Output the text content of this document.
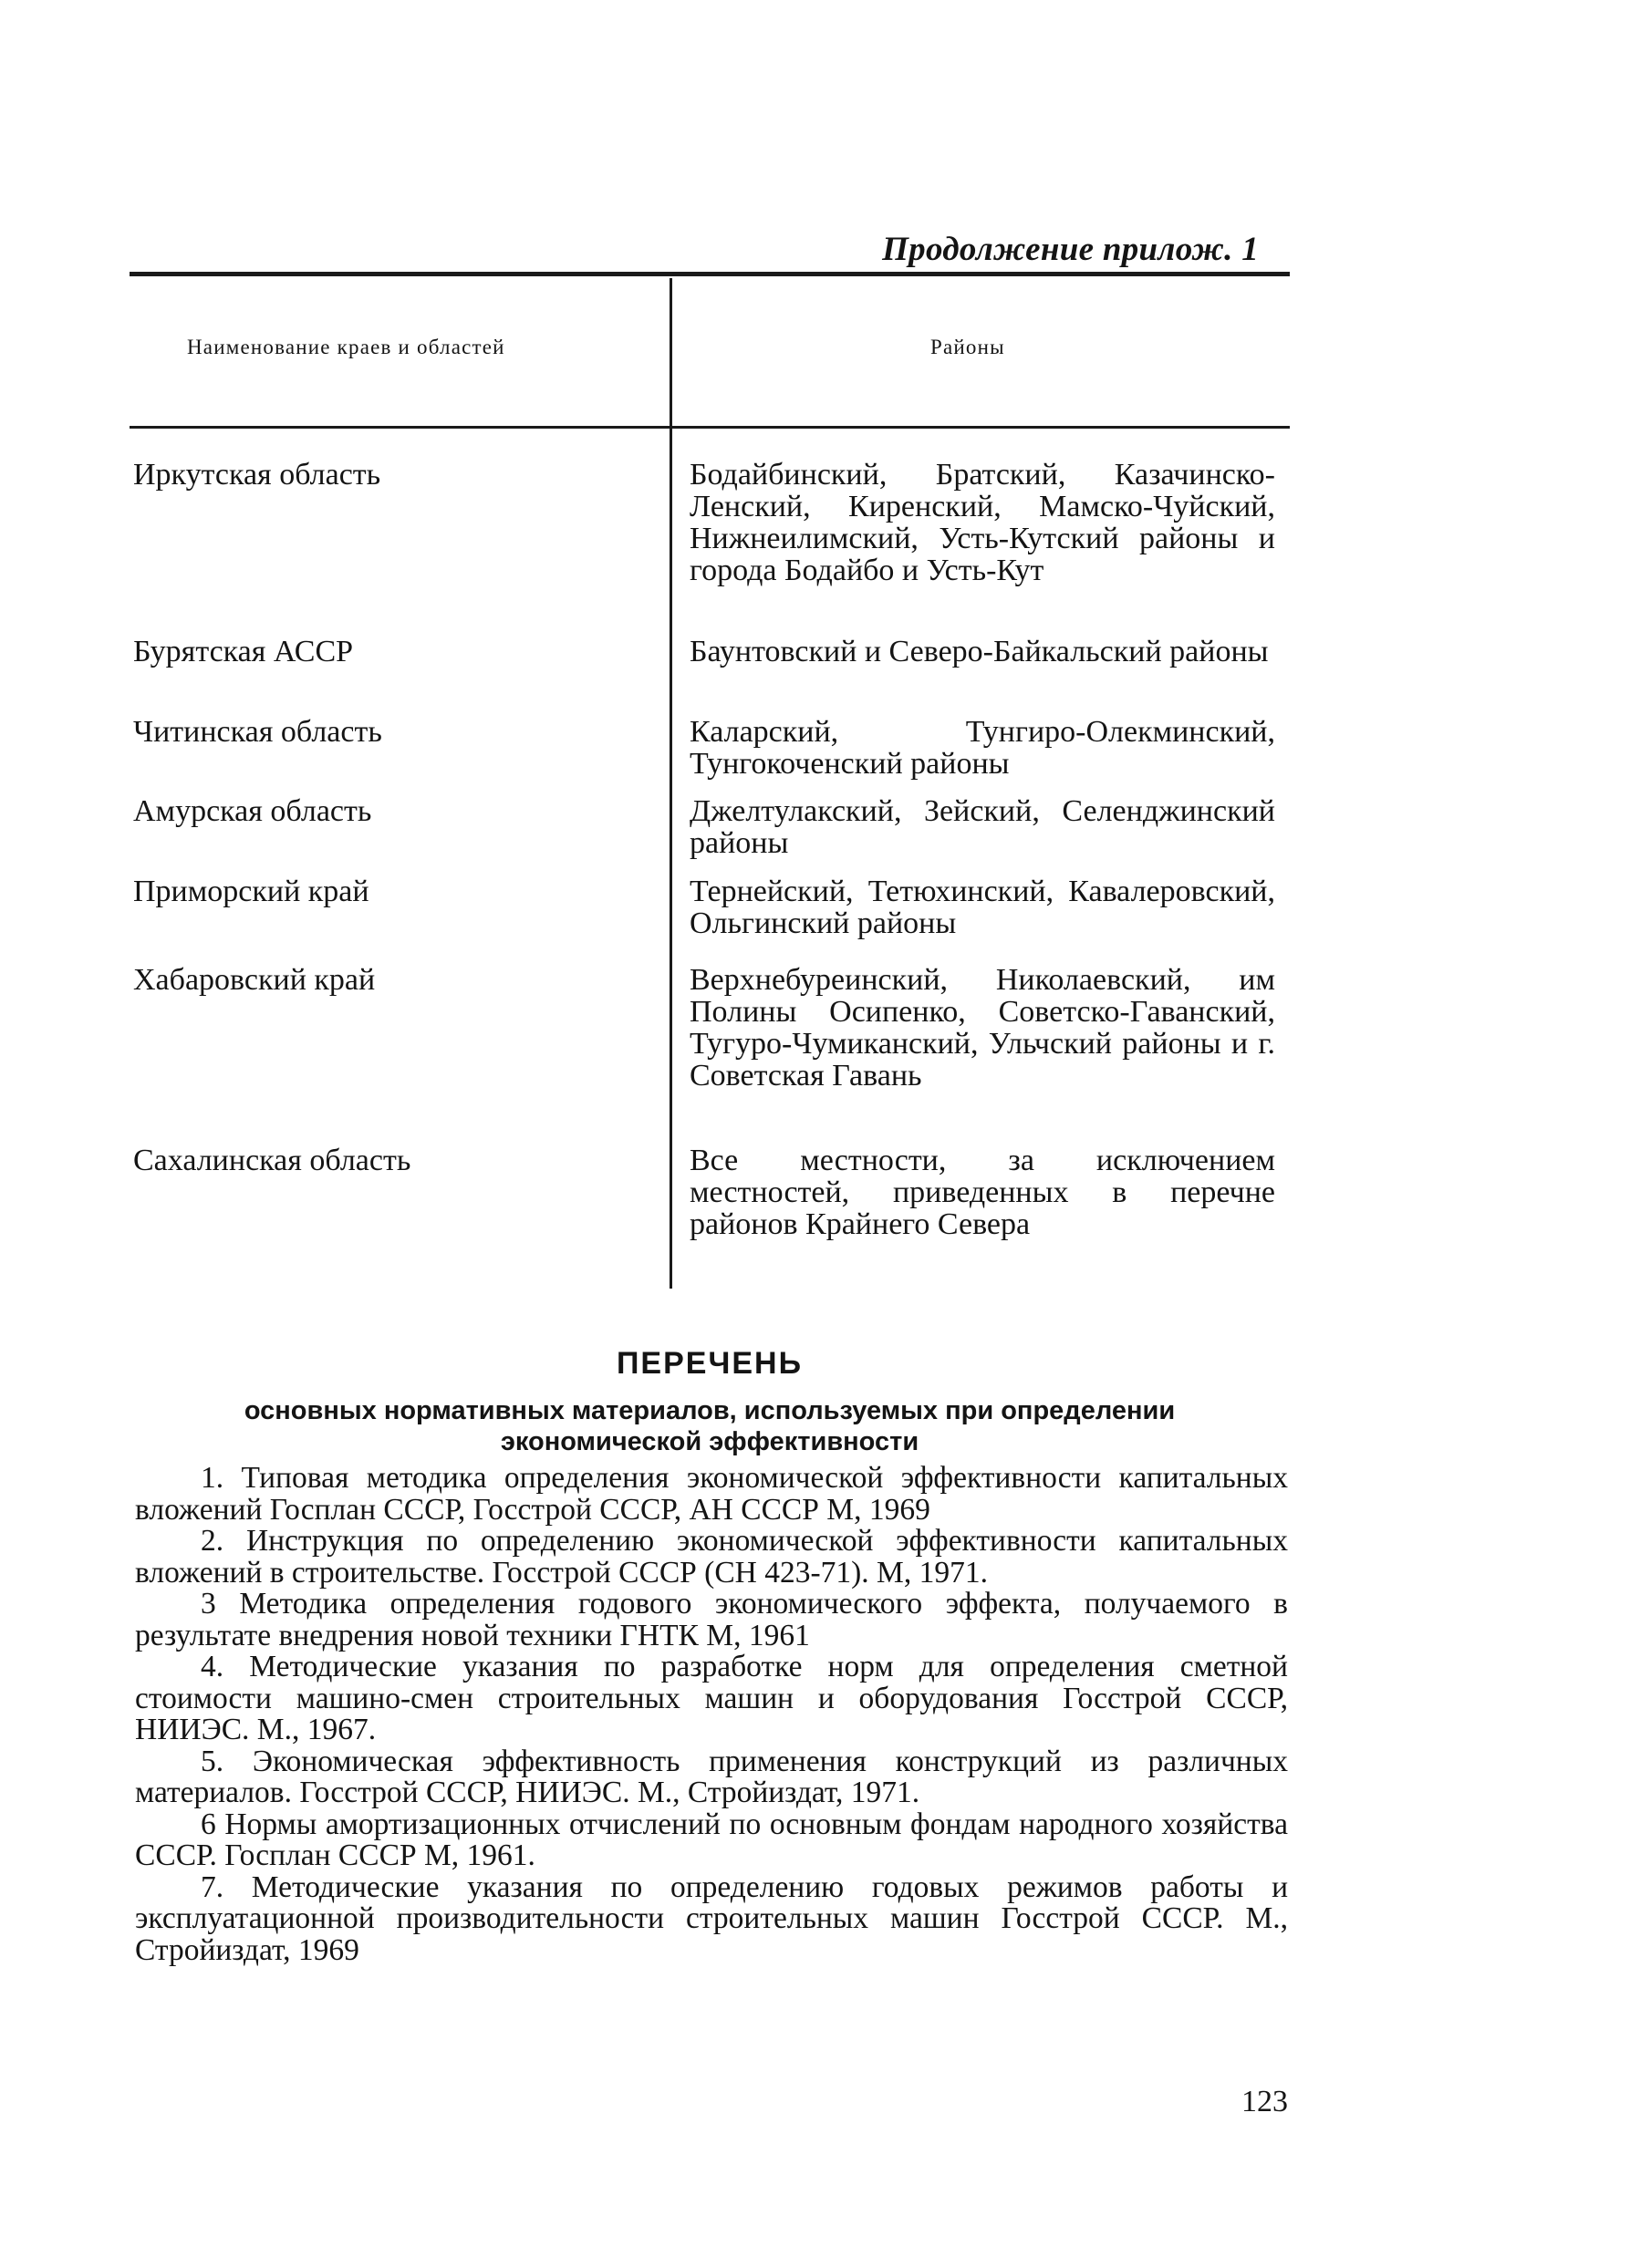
Продолжение прилож. 1
Наименование краев и областей	Районы
Иркутская область	Бодайбинский, Братский, Казачинско-Ленский, Киренский, Мамско-Чуйский, Нижнеилимский, Усть-Кутский районы и города Бодайбо и Усть-Кут
Бурятская АССР	Баунтовский и Северо-Байкальский районы
Читинская область	Каларский, Тунгиро-Олекминский, Тунгокоченский районы
Амурская область	Джелтулакский, Зейский, Селенджинский районы
Приморский край	Тернейский, Тетюхинский, Кавалеровский, Ольгинский районы
Хабаровский край	Верхнебуреинский, Николаевский, им Полины Осипенко, Советско-Гаванский, Тугуро-Чумиканский, Ульчский районы и г. Советская Гавань
Сахалинская область	Все местности, за исключением местностей, приведенных в перечне районов Крайнего Севера
ПЕРЕЧЕНЬ
основных нормативных материалов, используемых при определении
экономической эффективности

1. Типовая методика определения экономической эффективности капитальных вложений Госплан СССР, Госстрой СССР, АН СССР М, 1969

2. Инструкция по определению экономической эффективности капитальных вложений в строительстве. Госстрой СССР (СН 423-71). М, 1971.

3 Методика определения годового экономического эффекта, получаемого в результате внедрения новой техники ГНТК М, 1961

4. Методические указания по разработке норм для определения сметной стоимости машино-смен строительных машин и оборудования Госстрой СССР, НИИЭС. М., 1967.

5. Экономическая эффективность применения конструкций из различных материалов. Госстрой СССР, НИИЭС. М., Стройиздат, 1971.

6 Нормы амортизационных отчислений по основным фондам народного хозяйства СССР. Госплан СССР М, 1961.

7. Методические указания по определению годовых режимов работы и эксплуатационной производительности строительных машин Госстрой СССР. М., Стройиздат, 1969

123
